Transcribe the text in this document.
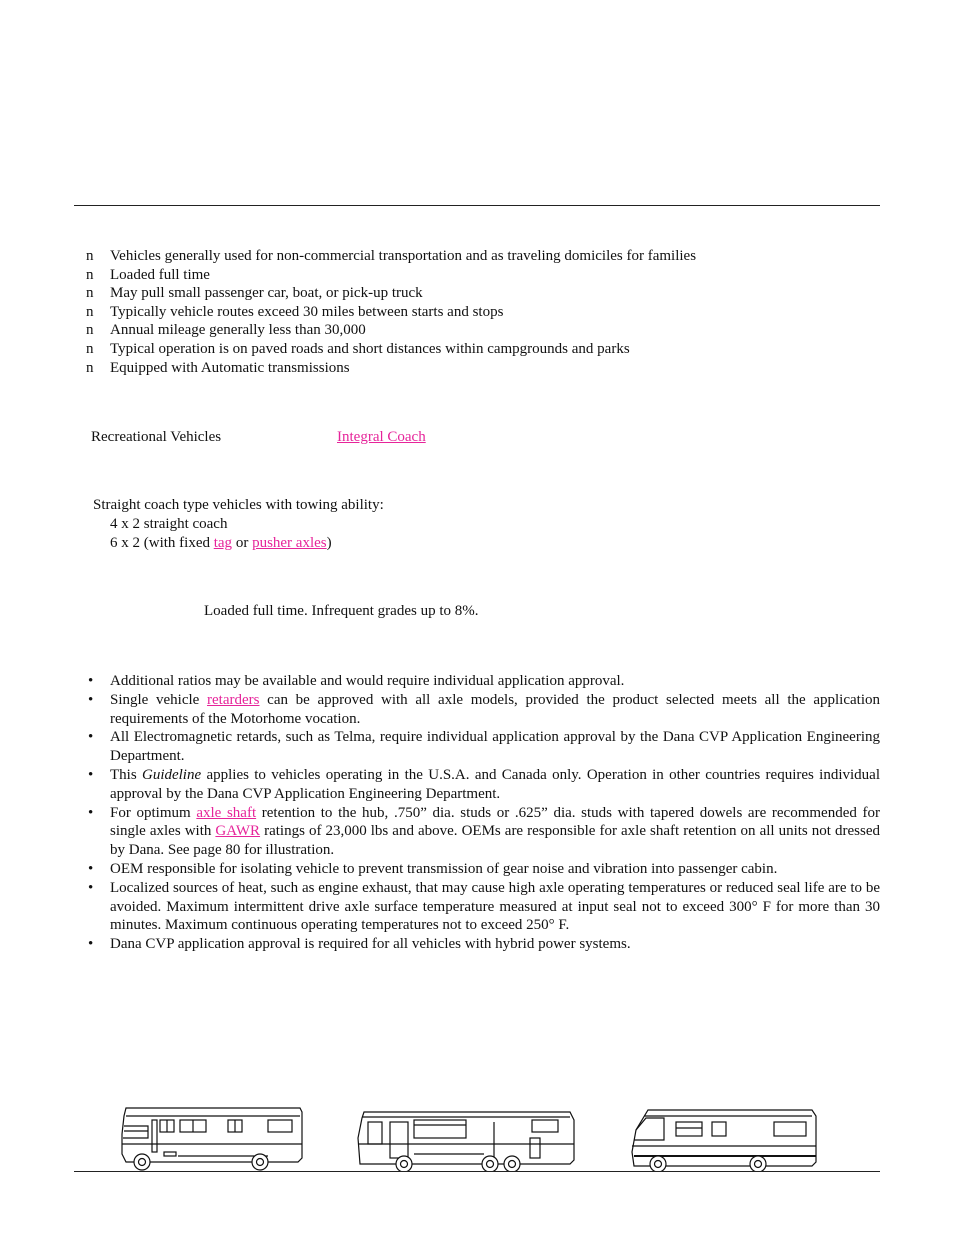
n Vehicles generally used for non-commercial transportation and as traveling domiciles for families
n Loaded full time
n May pull small passenger car, boat, or pick-up truck
n Typically vehicle routes exceed 30 miles between starts and stops
n Annual mileage generally less than 30,000
n Typical operation is on paved roads and short distances within campgrounds and parks
n Equipped with Automatic transmissions
Recreational Vehicles	Integral Coach
Straight coach type vehicles with towing ability:
4 x 2 straight coach
6 x 2 (with fixed tag or pusher axles)
Loaded full time. Infrequent grades up to 8%.
• Additional ratios may be available and would require individual application approval.
• Single vehicle retarders can be approved with all axle models, provided the product selected meets all the application requirements of the Motorhome vocation.
• All Electromagnetic retards, such as Telma, require individual application approval by the Dana CVP Application Engineering Department.
• This Guideline applies to vehicles operating in the U.S.A. and Canada only. Operation in other countries requires individual approval by the Dana CVP Application Engineering Department.
• For optimum axle shaft retention to the hub, .750” dia. studs or .625” dia. studs with tapered dowels are recommended for single axles with GAWR ratings of 23,000 lbs and above. OEMs are responsible for axle shaft retention on all units not dressed by Dana. See page 80 for illustration.
• OEM responsible for isolating vehicle to prevent transmission of gear noise and vibration into passenger cabin.
• Localized sources of heat, such as engine exhaust, that may cause high axle operating temperatures or reduced seal life are to be avoided. Maximum intermittent drive axle surface temperature measured at input seal not to exceed 300° F for more than 30 minutes. Maximum continuous operating temperatures not to exceed 250° F.
• Dana CVP application approval is required for all vehicles with hybrid power systems.
